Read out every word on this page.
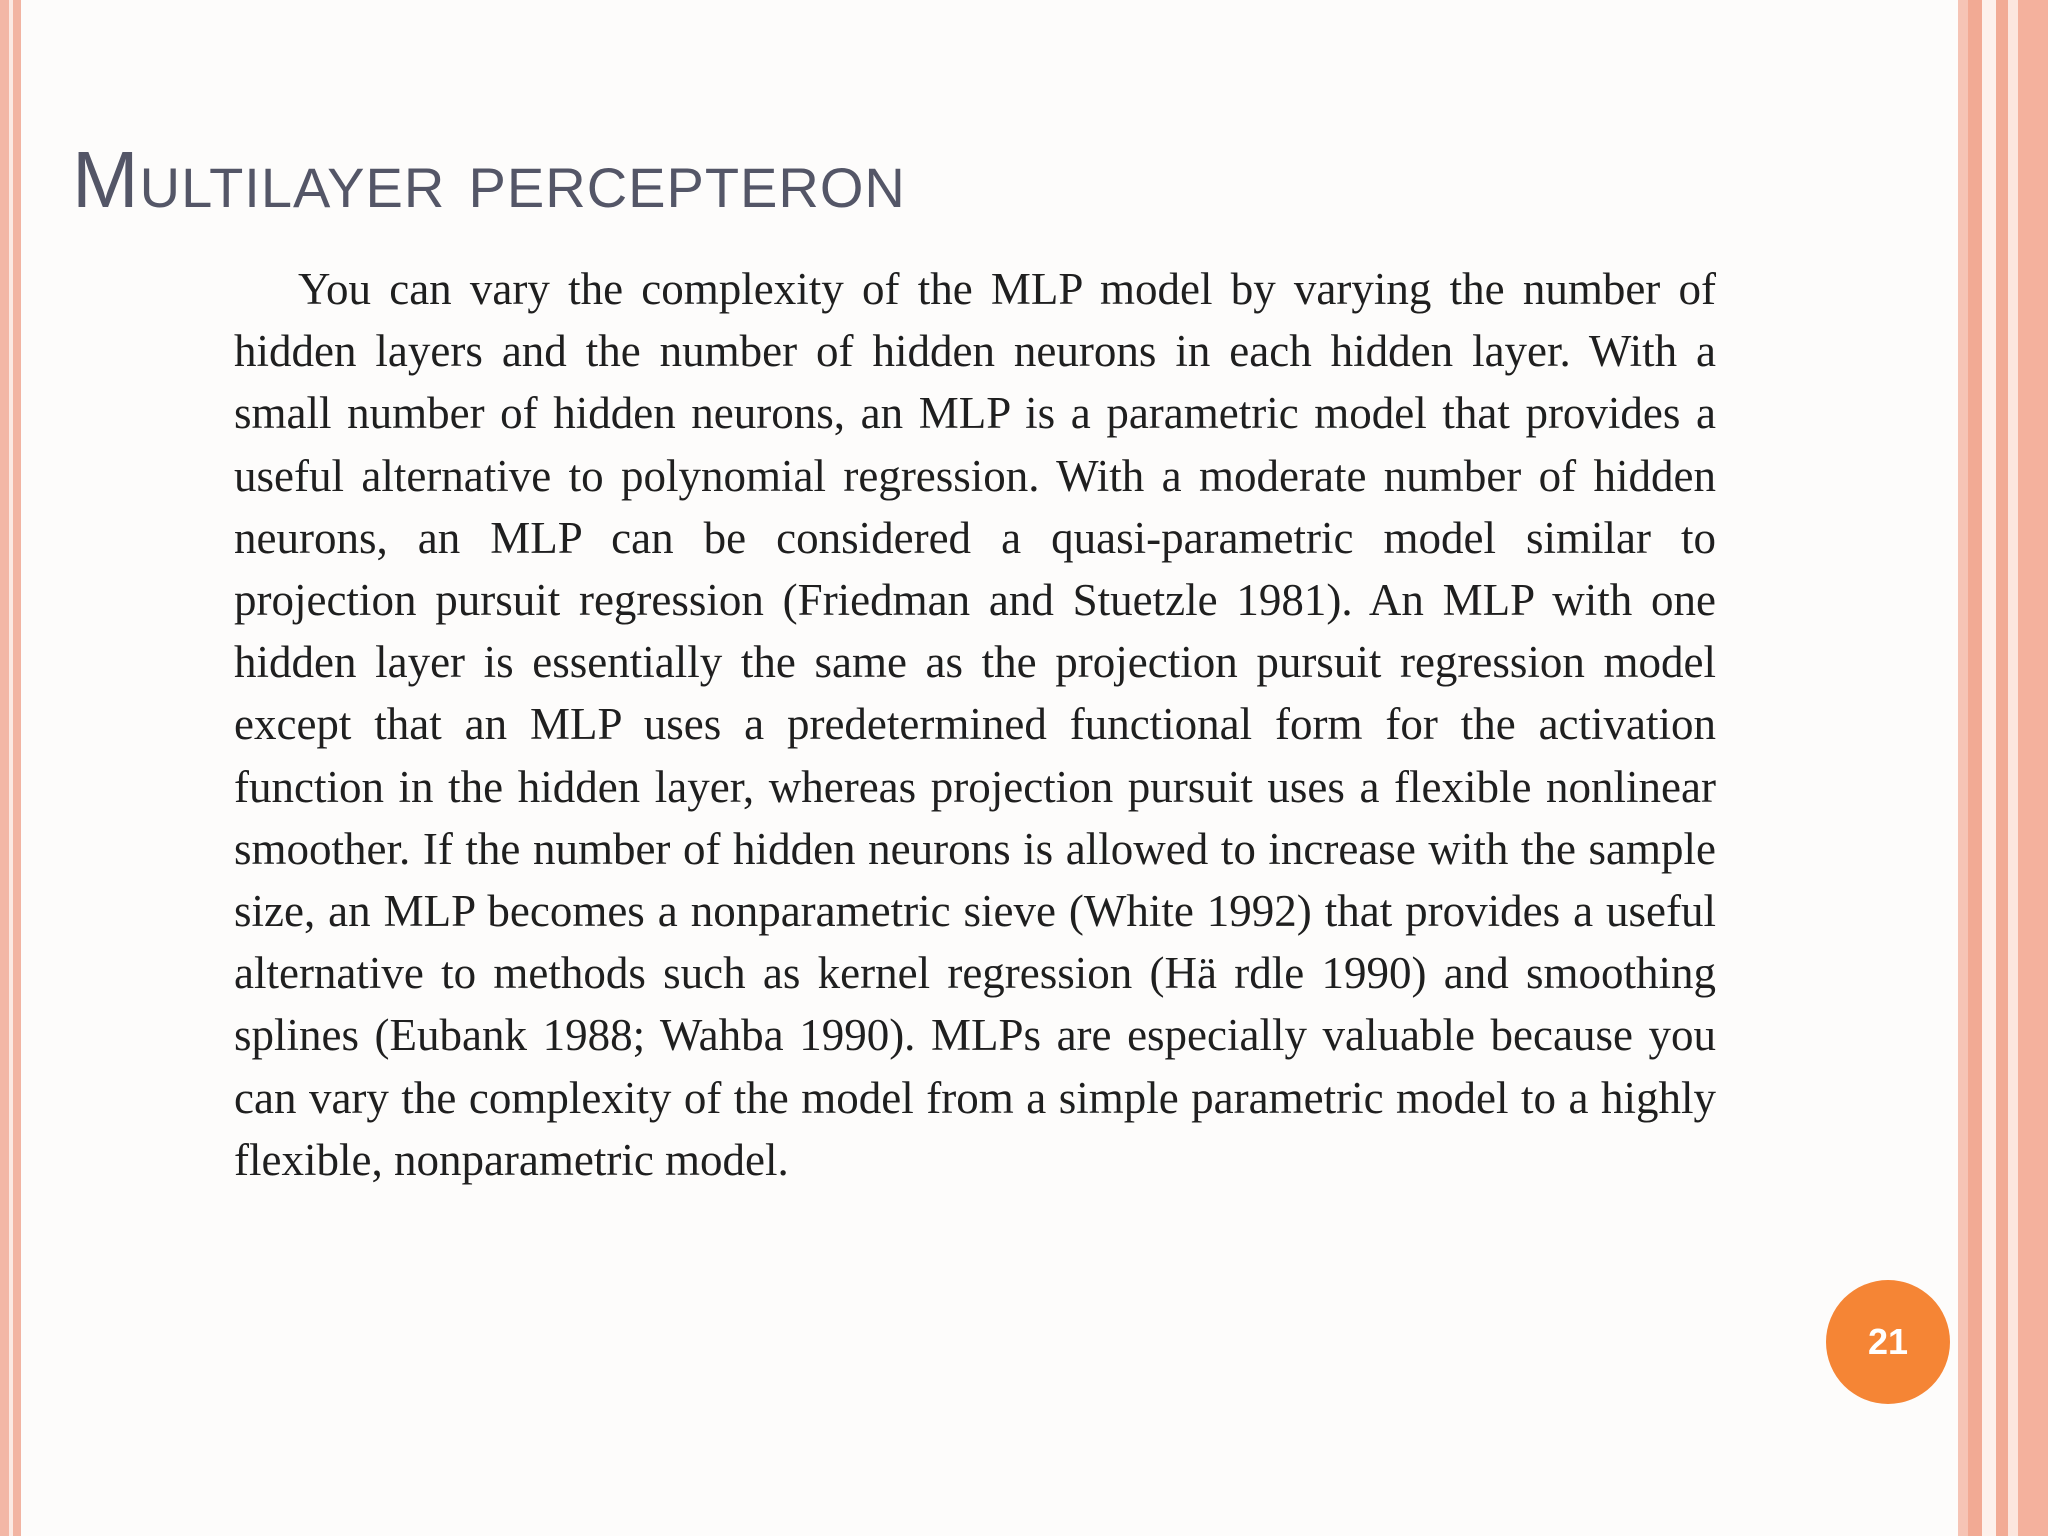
Multilayer percepteron

You can vary the complexity of the MLP model by varying the number of hidden layers and the number of hidden neurons in each hidden layer. With a small number of hidden neurons, an MLP is a parametric model that provides a useful alternative to polynomial regression. With a moderate number of hidden neurons, an MLP can be considered a quasi-parametric model similar to projection pursuit regression (Friedman and Stuetzle 1981). An MLP with one hidden layer is essentially the same as the projection pursuit regression model except that an MLP uses a predetermined functional form for the activation function in the hidden layer, whereas projection pursuit uses a flexible nonlinear smoother. If the number of hidden neurons is allowed to increase with the sample size, an MLP becomes a nonparametric sieve (White 1992) that provides a useful alternative to methods such as kernel regression (Hä rdle 1990) and smoothing splines (Eubank 1988; Wahba 1990). MLPs are especially valuable because you can vary the complexity of the model from a simple parametric model to a highly flexible, nonparametric model.

21
